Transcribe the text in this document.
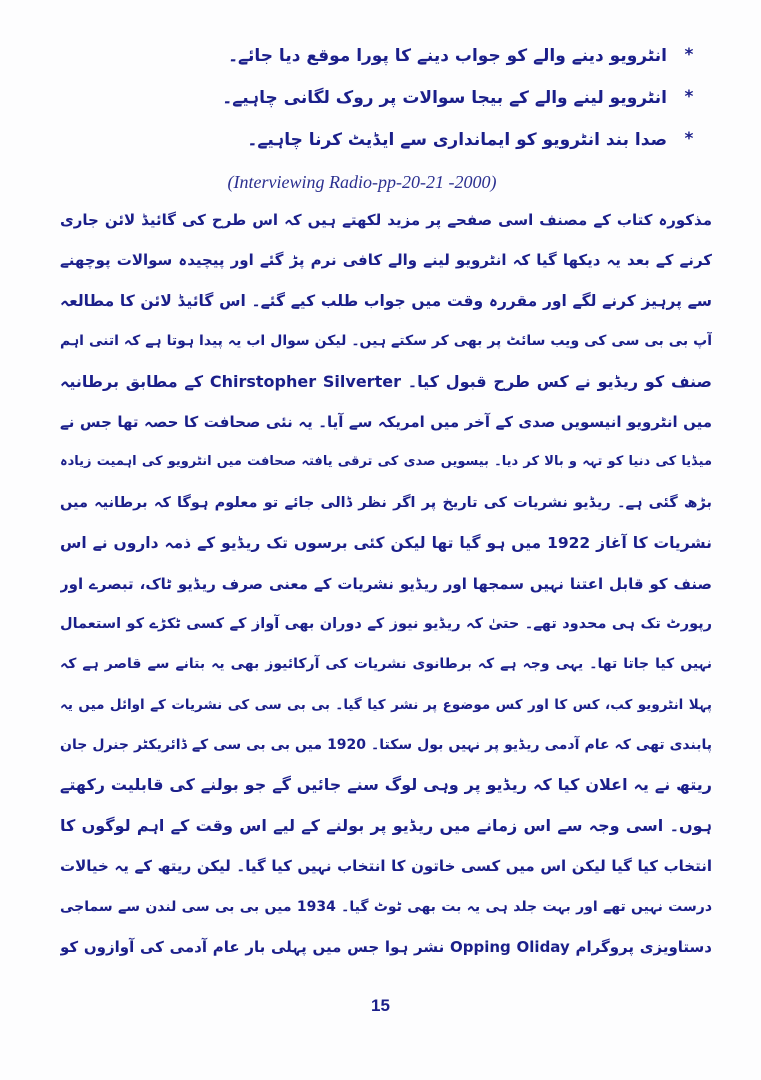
*
انٹرویو دینے والے کو جواب دینے کا پورا موقع دیا جائے۔
*
انٹرویو لینے والے کے بیجا سوالات پر روک لگانی چاہیے۔
*
صدا بند انٹرویو کو ایمانداری سے ایڈیٹ کرنا چاہیے۔
(Interviewing Radio-pp-20-21 -2000)
مذکورہ کتاب کے مصنف اسی صفحے پر مزید لکھتے ہیں کہ اس طرح کی گائیڈ لائن جاری
کرنے کے بعد یہ دیکھا گیا کہ انٹرویو لینے والے کافی نرم پڑ گئے اور پیچیدہ سوالات پوچھنے
سے پرہیز کرنے لگے اور مقررہ وقت میں جواب طلب کیے گئے۔ اس گائیڈ لائن کا مطالعہ
آپ بی بی سی کی ویب سائٹ پر بھی کر سکتے ہیں۔ لیکن سوال اب یہ پیدا ہوتا ہے کہ اتنی اہم
صنف کو ریڈیو نے کس طرح قبول کیا۔ Chirstopher Silverter کے مطابق برطانیہ
میں انٹرویو انیسویں صدی کے آخر میں امریکہ سے آیا۔ یہ نئی صحافت کا حصہ تھا جس نے
میڈیا کی دنیا کو تہہ و بالا کر دیا۔ بیسویں صدی کی ترقی یافتہ صحافت میں انٹرویو کی اہمیت زیادہ
بڑھ گئی ہے۔ ریڈیو نشریات کی تاریخ پر اگر نظر ڈالی جائے تو معلوم ہوگا کہ برطانیہ میں
نشریات کا آغاز 1922 میں ہو گیا تھا لیکن کئی برسوں تک ریڈیو کے ذمہ داروں نے اس
صنف کو قابل اعتنا نہیں سمجھا اور ریڈیو نشریات کے معنی صرف ریڈیو ٹاک، تبصرے اور
رپورٹ تک ہی محدود تھے۔ حتیٰ کہ ریڈیو نیوز کے دوران بھی آواز کے کسی ٹکڑے کو استعمال
نہیں کیا جاتا تھا۔ یہی وجہ ہے کہ برطانوی نشریات کی آرکائیوز بھی یہ بتانے سے قاصر ہے کہ
پہلا انٹرویو کب، کس کا اور کس موضوع پر نشر کیا گیا۔ بی بی سی کی نشریات کے اوائل میں یہ
پابندی تھی کہ عام آدمی ریڈیو پر نہیں بول سکتا۔ 1920 میں بی بی سی کے ڈائریکٹر جنرل جان
ریتھ نے یہ اعلان کیا کہ ریڈیو پر وہی لوگ سنے جائیں گے جو بولنے کی قابلیت رکھتے
ہوں۔ اسی وجہ سے اس زمانے میں ریڈیو پر بولنے کے لیے اس وقت کے اہم لوگوں کا
انتخاب کیا گیا لیکن اس میں کسی خاتون کا انتخاب نہیں کیا گیا۔ لیکن ریتھ کے یہ خیالات
درست نہیں تھے اور بہت جلد ہی یہ بت بھی ٹوٹ گیا۔ 1934 میں بی بی سی لندن سے سماجی
دستاویزی پروگرام Opping Oliday نشر ہوا جس میں پہلی بار عام آدمی کی آوازوں کو
15
